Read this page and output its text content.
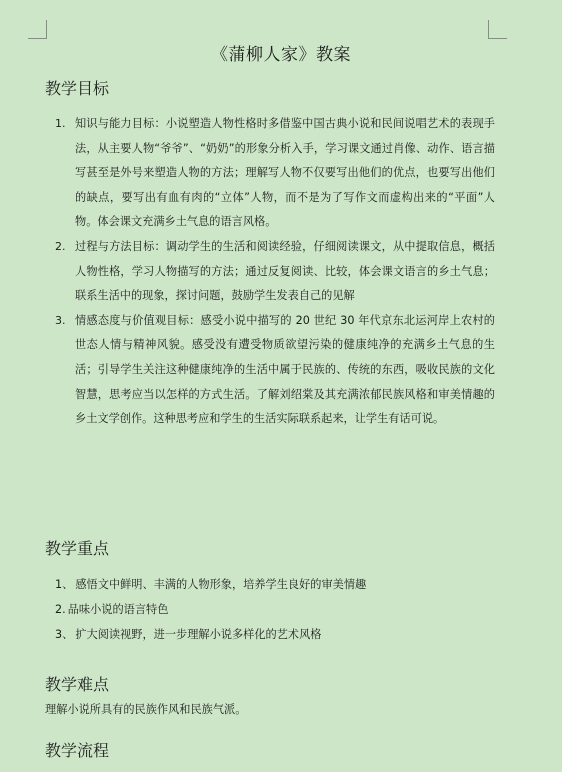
《蒲柳人家》教案
教学目标
1. 知识与能力目标：小说塑造人物性格时多借鉴中国古典小说和民间说唱艺术的表现手法，从主要人物“爷爷”、“奶奶”的形象分析入手，学习课文通过肖像、动作、语言描写甚至是外号来塑造人物的方法；理解写人物不仅要写出他们的优点，也要写出他们的缺点，要写出有血有肉的“立体”人物，而不是为了写作文而虚构出来的“平面”人物。体会课文充满乡土气息的语言风格。
2. 过程与方法目标：调动学生的生活和阅读经验，仔细阅读课文，从中提取信息，概括人物性格，学习人物描写的方法；通过反复阅读、比较，体会课文语言的乡土气息；联系生活中的现象，探讨问题，鼓励学生发表自己的见解
3. 情感态度与价值观目标：感受小说中描写的 20 世纪 30 年代京东北运河岸上农村的世态人情与精神风貌。感受没有遭受物质欲望污染的健康纯净的充满乡土气息的生活；引导学生关注这种健康纯净的生活中属于民族的、传统的东西，吸收民族的文化智慧，思考应当以怎样的方式生活。了解刘绍棠及其充满浓郁民族风格和审美情趣的乡土文学创作。这种思考应和学生的生活实际联系起来，让学生有话可说。
教学重点
1、 感悟文中鲜明、丰满的人物形象，培养学生良好的审美情趣
2. 品味小说的语言特色
3、 扩大阅读视野，进一步理解小说多样化的艺术风格
教学难点

理解小说所具有的民族作风和民族气派。

教学流程
